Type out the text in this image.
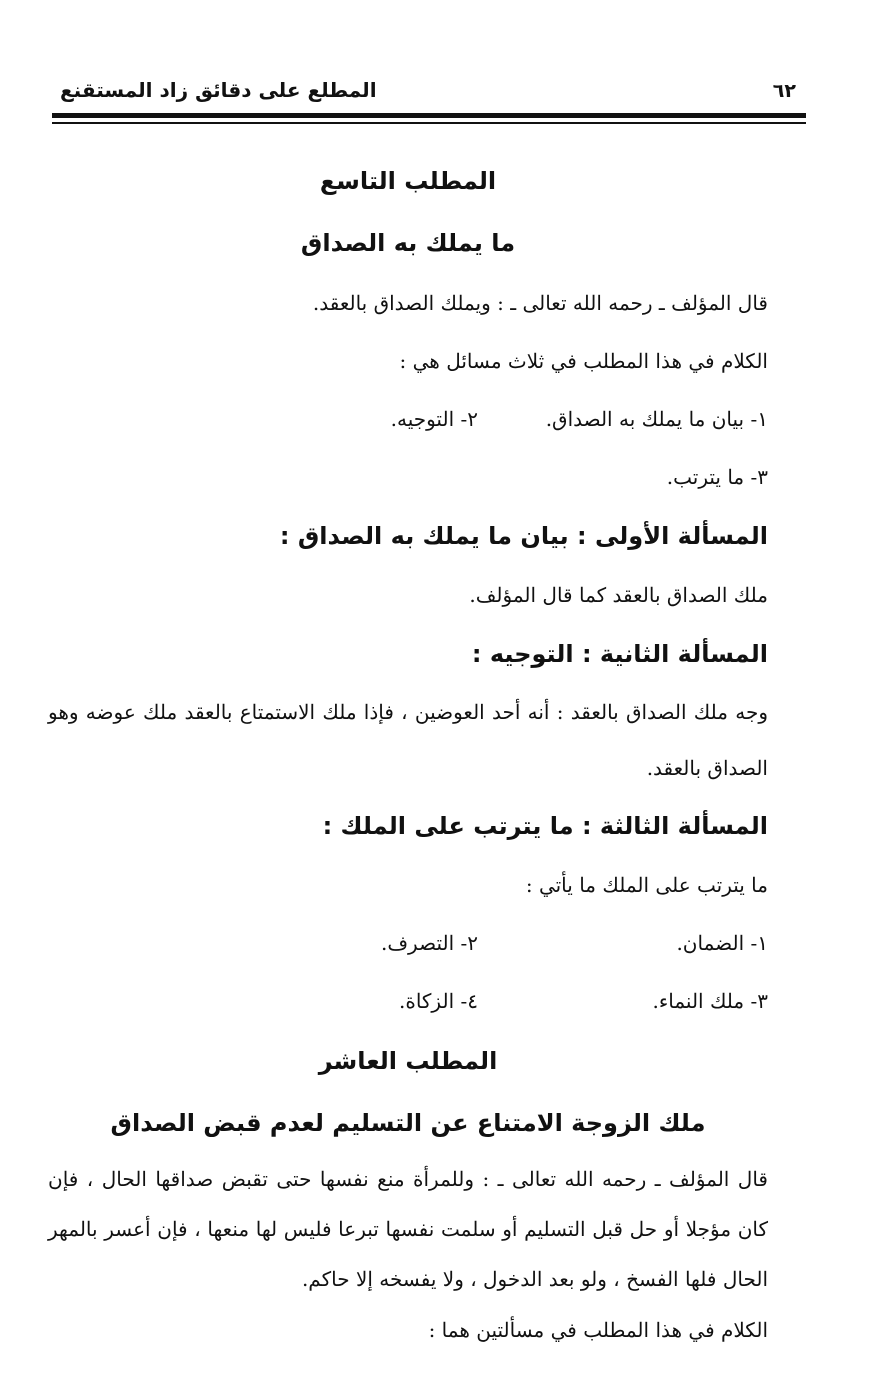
المطلع على دقائق زاد المستقنع	٦٢
المطلب التاسع
ما يملك به الصداق

قال المؤلف ـ رحمه الله تعالى ـ : ويملك الصداق بالعقد.

الكلام في هذا المطلب في ثلاث مسائل هي :

١- بيان ما يملك به الصداق.
٢- التوجيه.
٣- ما يترتب.
المسألة الأولى : بيان ما يملك به الصداق :

ملك الصداق بالعقد كما قال المؤلف.

المسألة الثانية : التوجيه :

وجه ملك الصداق بالعقد : أنه أحد العوضين ، فإذا ملك الاستمتاع بالعقد ملك عوضه وهو الصداق بالعقد.

المسألة الثالثة : ما يترتب على الملك :

ما يترتب على الملك ما يأتي :

١- الضمان.
٢- التصرف.
٣- ملك النماء.
٤- الزكاة.
المطلب العاشر
ملك الزوجة الامتناع عن التسليم لعدم قبض الصداق

قال المؤلف ـ رحمه الله تعالى ـ : وللمرأة منع نفسها حتى تقبض صداقها الحال ، فإن كان مؤجلا أو حل قبل التسليم أو سلمت نفسها تبرعا فليس لها منعها ، فإن أعسر بالمهر الحال فلها الفسخ ، ولو بعد الدخول ، ولا يفسخه إلا حاكم.

الكلام في هذا المطلب في مسألتين هما :
